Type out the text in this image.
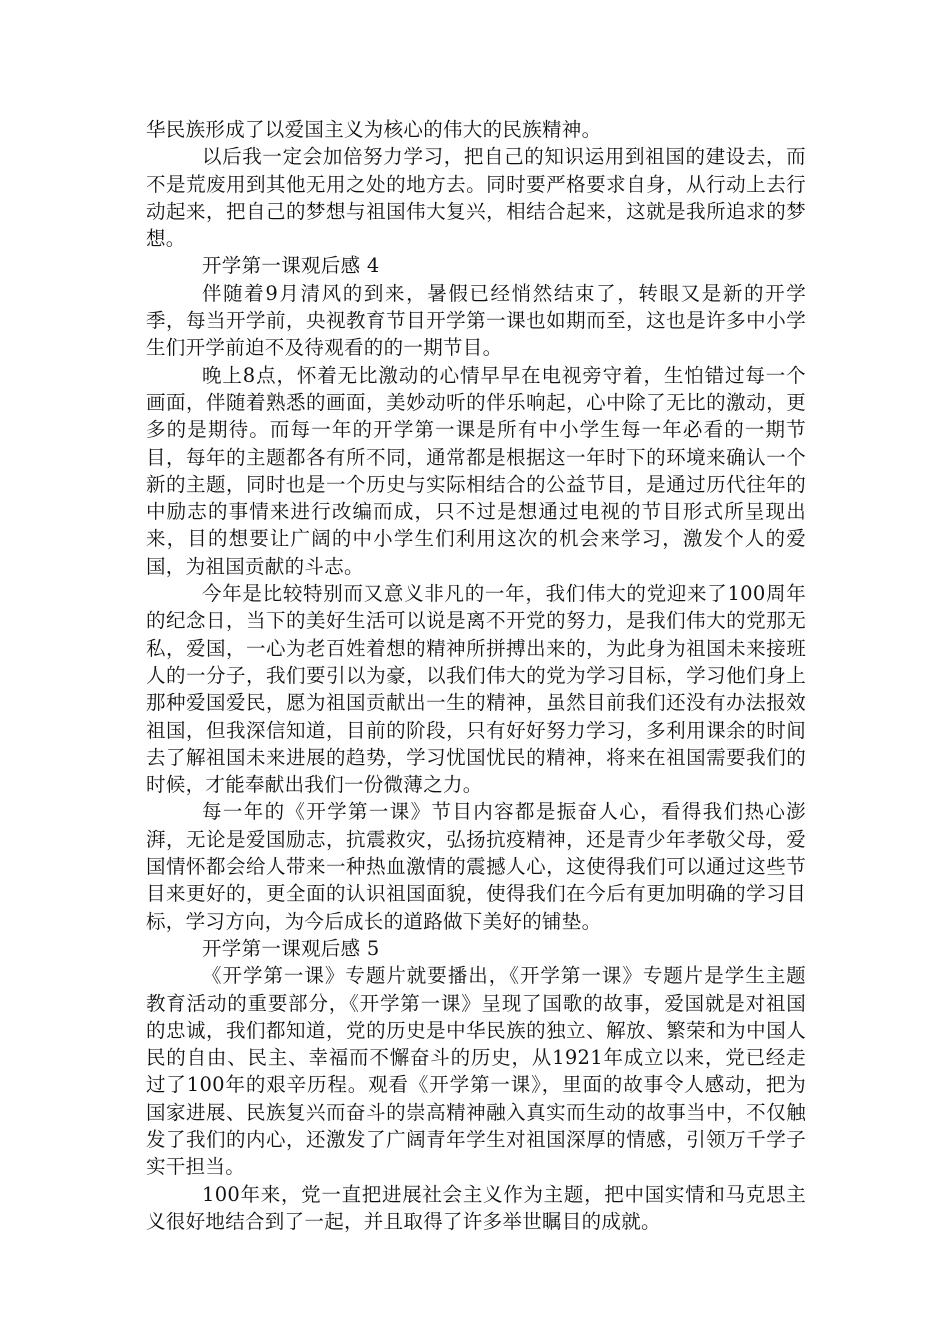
华民族形成了以爱国主义为核心的伟大的民族精神。

以后我一定会加倍努力学习，把自己的知识运用到祖国的建设去，而不是荒废用到其他无用之处的地方去。同时要严格要求自身，从行动上去行动起来，把自己的梦想与祖国伟大复兴，相结合起来，这就是我所追求的梦想。

开学第一课观后感 4

伴随着9月清风的到来，暑假已经悄然结束了，转眼又是新的开学季，每当开学前，央视教育节目开学第一课也如期而至，这也是许多中小学生们开学前迫不及待观看的的一期节目。

晚上8点，怀着无比激动的心情早早在电视旁守着，生怕错过每一个画面，伴随着熟悉的画面，美妙动听的伴乐响起，心中除了无比的激动，更多的是期待。而每一年的开学第一课是所有中小学生每一年必看的一期节目，每年的主题都各有所不同，通常都是根据这一年时下的环境来确认一个新的主题，同时也是一个历史与实际相结合的公益节目，是通过历代往年的中励志的事情来进行改编而成，只不过是想通过电视的节目形式所呈现出来，目的想要让广阔的中小学生们利用这次的机会来学习，激发个人的爱国，为祖国贡献的斗志。

今年是比较特别而又意义非凡的一年，我们伟大的党迎来了100周年的纪念日，当下的美好生活可以说是离不开党的努力，是我们伟大的党那无私，爱国，一心为老百姓着想的精神所拼搏出来的，为此身为祖国未来接班人的一分子，我们要引以为豪，以我们伟大的党为学习目标，学习他们身上那种爱国爱民，愿为祖国贡献出一生的精神，虽然目前我们还没有办法报效祖国，但我深信知道，目前的阶段，只有好好努力学习，多利用课余的时间去了解祖国未来进展的趋势，学习忧国忧民的精神，将来在祖国需要我们的时候，才能奉献出我们一份微薄之力。

每一年的《开学第一课》节目内容都是振奋人心，看得我们热心澎湃，无论是爱国励志，抗震救灾，弘扬抗疫精神，还是青少年孝敬父母，爱国情怀都会给人带来一种热血激情的震撼人心，这使得我们可以通过这些节目来更好的，更全面的认识祖国面貌，使得我们在今后有更加明确的学习目标，学习方向，为今后成长的道路做下美好的铺垫。

开学第一课观后感 5

《开学第一课》专题片就要播出，《开学第一课》专题片是学生主题教育活动的重要部分，《开学第一课》呈现了国歌的故事，爱国就是对祖国的忠诚，我们都知道，党的历史是中华民族的独立、解放、繁荣和为中国人民的自由、民主、幸福而不懈奋斗的历史，从1921年成立以来，党已经走过了100年的艰辛历程。观看《开学第一课》，里面的故事令人感动，把为国家进展、民族复兴而奋斗的崇高精神融入真实而生动的故事当中，不仅触发了我们的内心，还激发了广阔青年学生对祖国深厚的情感，引领万千学子实干担当。

100年来，党一直把进展社会主义作为主题，把中国实情和马克思主义很好地结合到了一起，并且取得了许多举世瞩目的成就。
